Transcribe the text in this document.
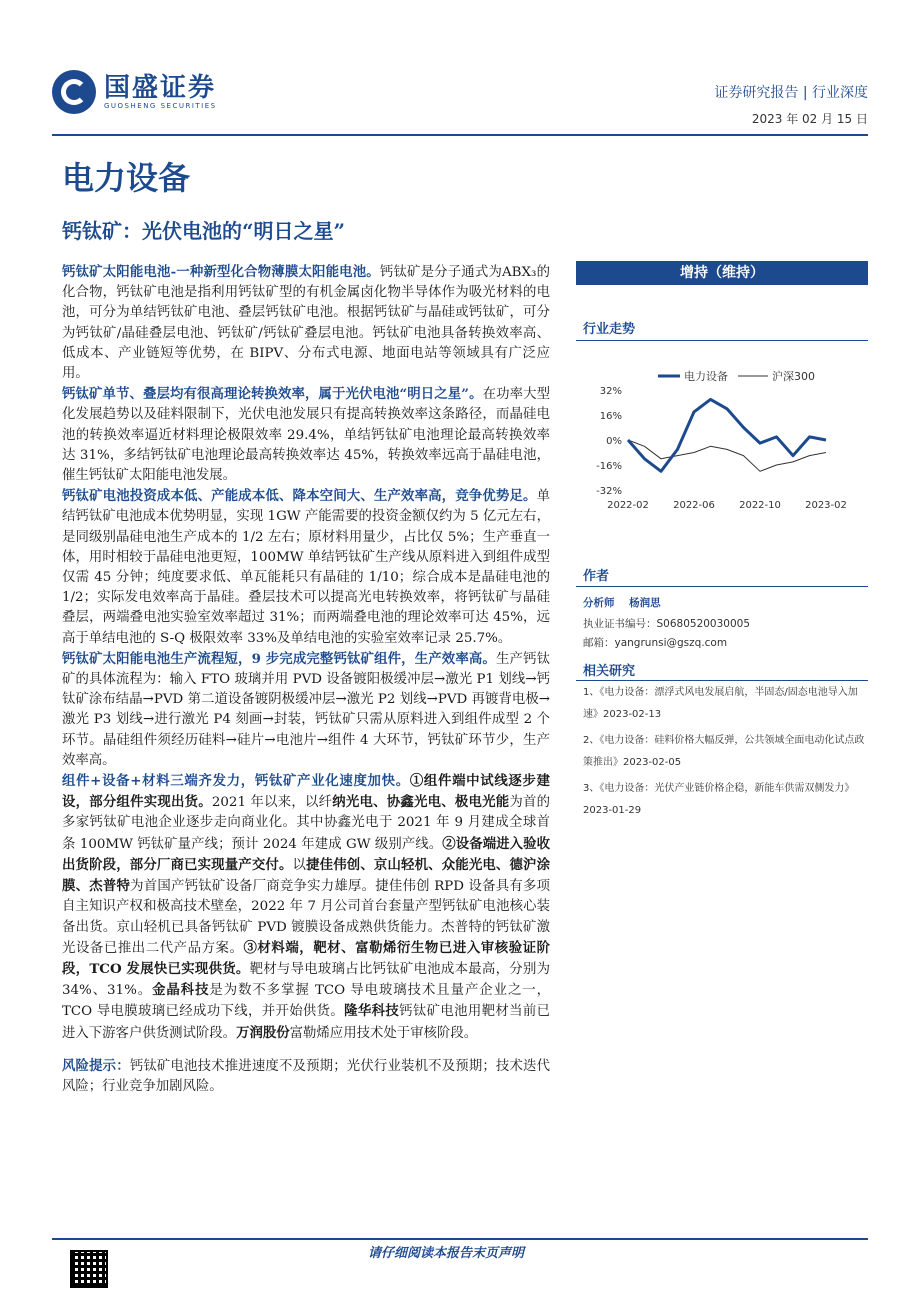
国盛证券
GUOSHENG SECURITIES
证券研究报告 | 行业深度
2023 年 02 月 15 日
电力设备
钙钛矿：光伏电池的“明日之星”

钙钛矿太阳能电池-一种新型化合物薄膜太阳能电池。钙钛矿是分子通式为ABX₃的化合物，钙钛矿电池是指利用钙钛矿型的有机金属卤化物半导体作为吸光材料的电池，可分为单结钙钛矿电池、叠层钙钛矿电池。根据钙钛矿与晶硅或钙钛矿，可分为钙钛矿/晶硅叠层电池、钙钛矿/钙钛矿叠层电池。钙钛矿电池具备转换效率高、低成本、产业链短等优势，在 BIPV、分布式电源、地面电站等领域具有广泛应用。

钙钛矿单节、叠层均有很高理论转换效率，属于光伏电池“明日之星”。在功率大型化发展趋势以及硅料限制下，光伏电池发展只有提高转换效率这条路径，而晶硅电池的转换效率逼近材料理论极限效率 29.4%，单结钙钛矿电池理论最高转换效率达 31%，多结钙钛矿电池理论最高转换效率达 45%，转换效率远高于晶硅电池，催生钙钛矿太阳能电池发展。

钙钛矿电池投资成本低、产能成本低、降本空间大、生产效率高，竞争优势足。单结钙钛矿电池成本优势明显，实现 1GW 产能需要的投资金额仅约为 5 亿元左右，是同级别晶硅电池生产成本的 1/2 左右；原材料用量少，占比仅 5%；生产垂直一体，用时相较于晶硅电池更短，100MW 单结钙钛矿生产线从原料进入到组件成型仅需 45 分钟；纯度要求低、单瓦能耗只有晶硅的 1/10；综合成本是晶硅电池的 1/2；实际发电效率高于晶硅。叠层技术可以提高光电转换效率，将钙钛矿与晶硅叠层，两端叠电池实验室效率超过 31%；而两端叠电池的理论效率可达 45%，远高于单结电池的 S-Q 极限效率 33%及单结电池的实验室效率记录 25.7%。

钙钛矿太阳能电池生产流程短，9 步完成完整钙钛矿组件，生产效率高。生产钙钛矿的具体流程为：输入 FTO 玻璃并用 PVD 设备镀阳极缓冲层→激光 P1 划线→钙钛矿涂布结晶→PVD 第二道设备镀阴极缓冲层→激光 P2 划线→PVD 再镀背电极→激光 P3 划线→进行激光 P4 刻画→封装，钙钛矿只需从原料进入到组件成型 2 个环节。晶硅组件须经历硅料→硅片→电池片→组件 4 大环节，钙钛矿环节少，生产效率高。

组件+设备+材料三端齐发力，钙钛矿产业化速度加快。①组件端中试线逐步建设，部分组件实现出货。2021 年以来，以纤纳光电、协鑫光电、极电光能为首的多家钙钛矿电池企业逐步走向商业化。其中协鑫光电于 2021 年 9 月建成全球首条 100MW 钙钛矿量产线；预计 2024 年建成 GW 级别产线。②设备端进入验收出货阶段，部分厂商已实现量产交付。以捷佳伟创、京山轻机、众能光电、德沪涂膜、杰普特为首国产钙钛矿设备厂商竞争实力雄厚。捷佳伟创 RPD 设备具有多项自主知识产权和极高技术壁垒，2022 年 7 月公司首台套量产型钙钛矿电池核心装备出货。京山轻机已具备钙钛矿 PVD 镀膜设备成熟供货能力。杰普特的钙钛矿激光设备已推出二代产品方案。③材料端，靶材、富勒烯衍生物已进入审核验证阶段，TCO 发展快已实现供货。靶材与导电玻璃占比钙钛矿电池成本最高，分别为 34%、31%。金晶科技是为数不多掌握 TCO 导电玻璃技术且量产企业之一，TCO 导电膜玻璃已经成功下线，并开始供货。隆华科技钙钛矿电池用靶材当前已进入下游客户供货测试阶段。万润股份富勒烯应用技术处于审核阶段。

风险提示：钙钛矿电池技术推进速度不及预期；光伏行业装机不及预期；技术迭代风险；行业竞争加剧风险。

增持（维持）
行业走势
电力设备	沪深300
32%
16%
0%
-16%
-32%
2022-02 2022-06 2022-10 2023-02
作者
分析师 杨润思
执业证书编号：S0680520030005
邮箱：yangrunsi@gszq.com
相关研究

1、《电力设备：漂浮式风电发展启航，半固态/固态电池导入加速》2023-02-13

2、《电力设备：硅料价格大幅反弹，公共领域全面电动化试点政策推出》2023-02-05

3、《电力设备：光伏产业链价格企稳，新能车供需双侧发力》2023-01-29

请仔细阅读本报告末页声明
